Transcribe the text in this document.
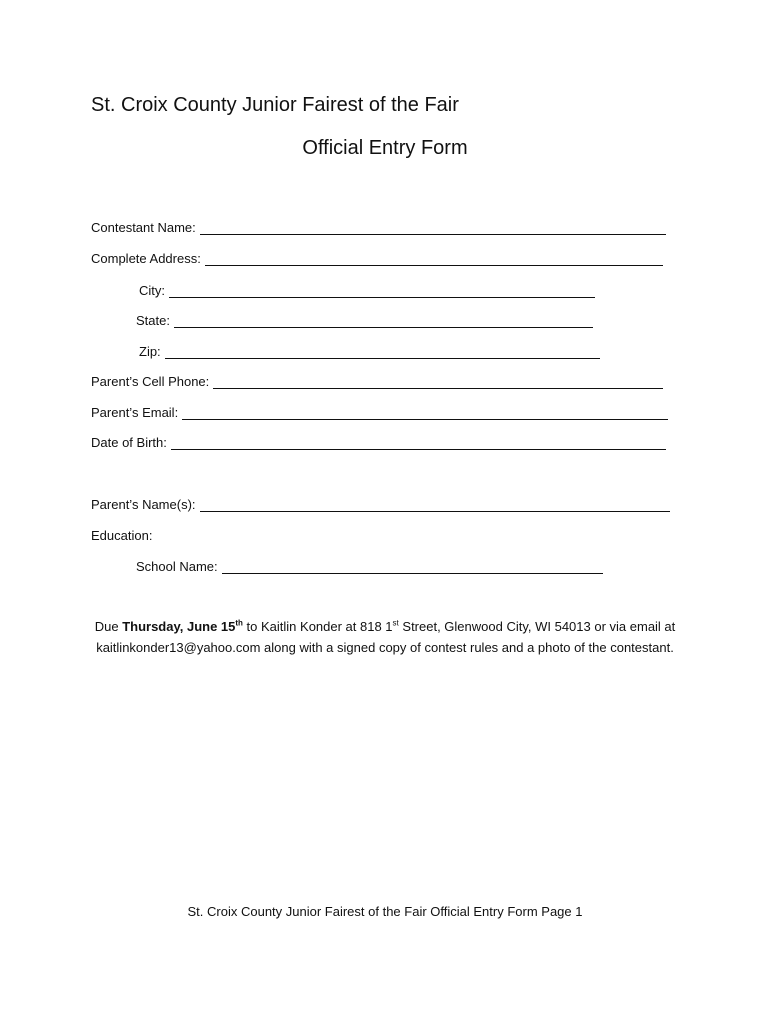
St. Croix County Junior Fairest of the Fair
Official Entry Form
Contestant Name:
Complete Address:
City:
State:
Zip:
Parent’s Cell Phone:
Parent’s Email:
Date of Birth:
Parent’s Name(s):
Education:
School Name:
Due Thursday, June 15th to Kaitlin Konder at 818 1st Street, Glenwood City, WI 54013 or via email at kaitlinkonder13@yahoo.com along with a signed copy of contest rules and a photo of the contestant.
St. Croix County Junior Fairest of the Fair Official Entry Form Page 1
